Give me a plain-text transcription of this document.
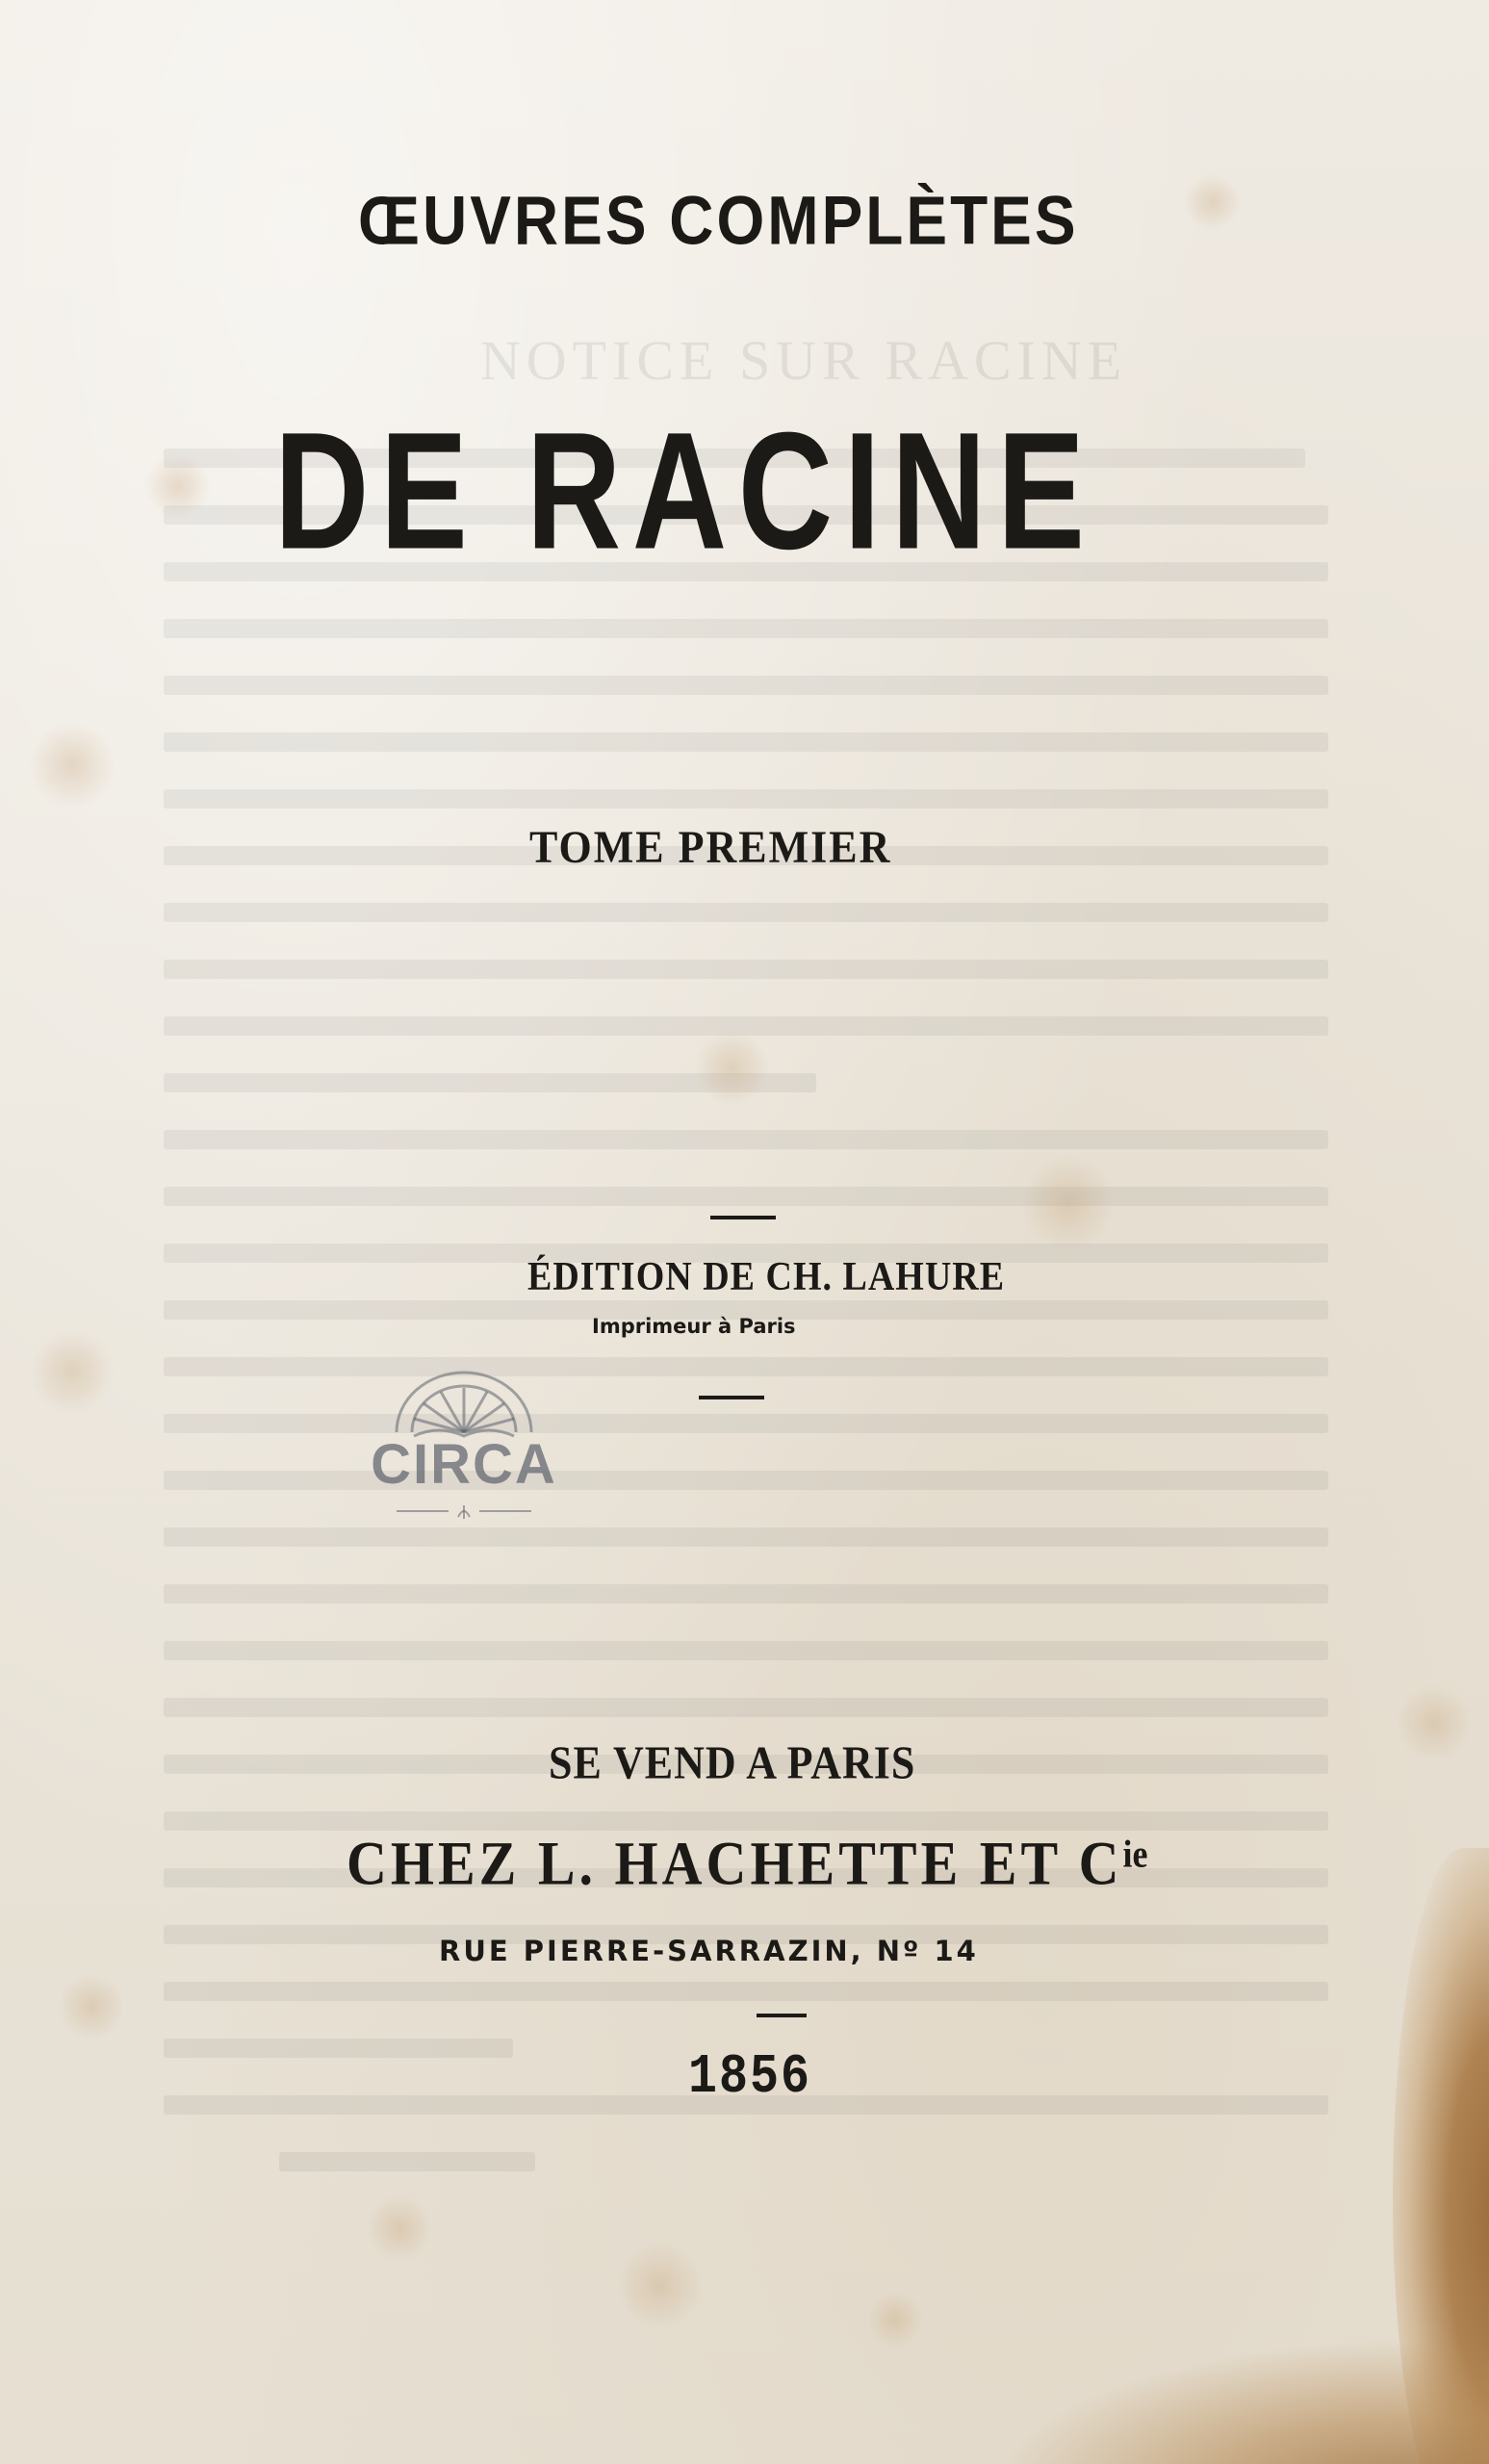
NOTICE SUR RACINE
ŒUVRES COMPLÈTES
DE RACINE
TOME PREMIER
ÉDITION DE CH. LAHURE
Imprimeur à Paris
CIRCA
SE VEND A PARIS
CHEZ L. HACHETTE ET $C^{ie}$
RUE PIERRE-SARRAZIN, Nº 14
1856
